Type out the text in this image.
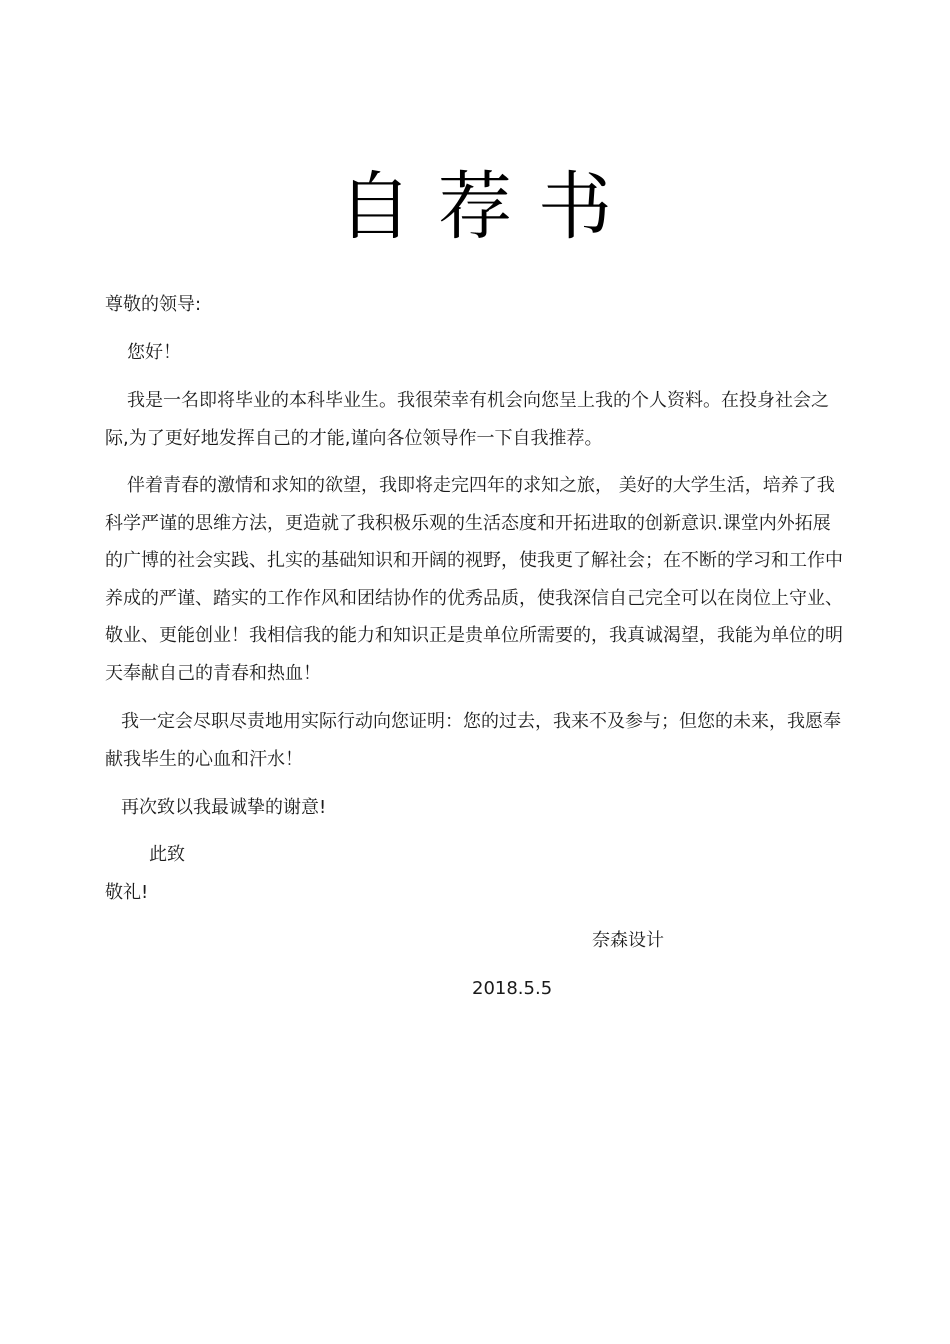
自荐书

尊敬的领导:

您好！

我是一名即将毕业的本科毕业生。我很荣幸有机会向您呈上我的个人资料。在投身社会之际,为了更好地发挥自己的才能,谨向各位领导作一下自我推荐。

伴着青春的激情和求知的欲望，我即将走完四年的求知之旅， 美好的大学生活，培养了我科学严谨的思维方法，更造就了我积极乐观的生活态度和开拓进取的创新意识.课堂内外拓展的广博的社会实践、扎实的基础知识和开阔的视野，使我更了解社会；在不断的学习和工作中养成的严谨、踏实的工作作风和团结协作的优秀品质，使我深信自己完全可以在岗位上守业、敬业、更能创业！我相信我的能力和知识正是贵单位所需要的，我真诚渴望，我能为单位的明天奉献自己的青春和热血！

我一定会尽职尽责地用实际行动向您证明：您的过去，我来不及参与；但您的未来，我愿奉献我毕生的心血和汗水！

再次致以我最诚挚的谢意!

此致

敬礼!

奈森设计
2018.5.5
